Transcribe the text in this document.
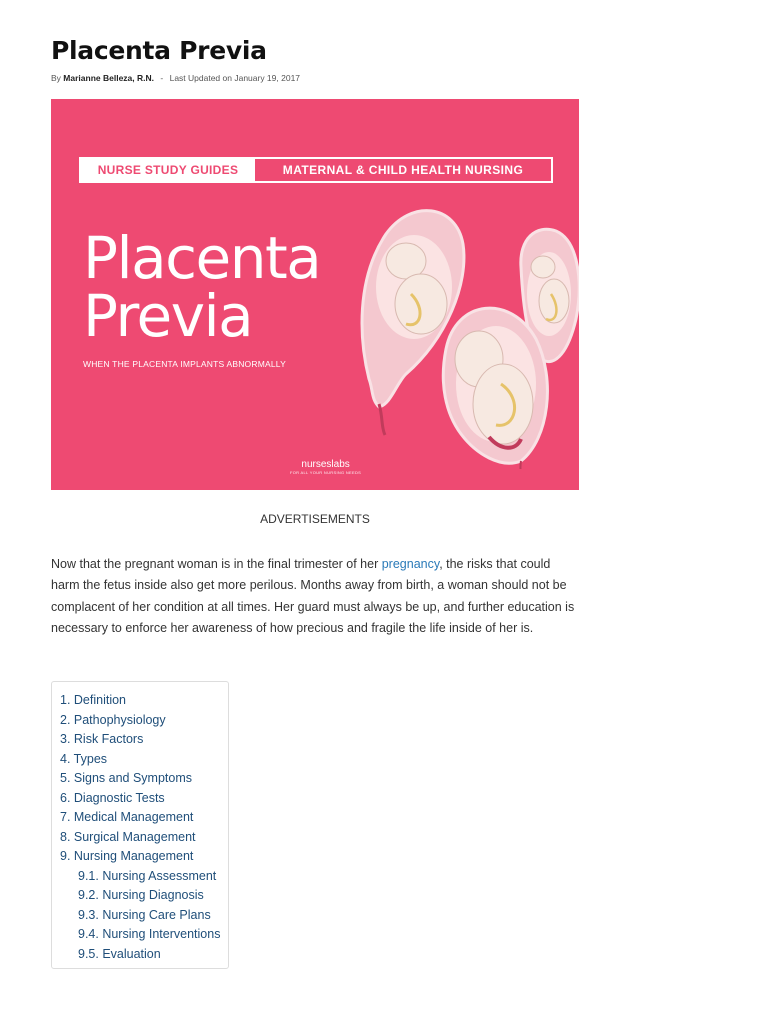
Placenta Previa
By Marianne Belleza, R.N. - Last Updated on January 19, 2017
NURSE STUDY GUIDES	MATERNAL & CHILD HEALTH NURSING
Placenta
Previa
WHEN THE PLACENTA IMPLANTS ABNORMALLY
nurseslabs
FOR ALL YOUR NURSING NEEDS
ADVERTISEMENTS

Now that the pregnant woman is in the final trimester of her pregnancy, the risks that could harm the fetus inside also get more perilous. Months away from birth, a woman should not be complacent of her condition at all times. Her guard must always be up, and further education is necessary to enforce her awareness of how precious and fragile the life inside of her is.

1. Definition
2. Pathophysiology
3. Risk Factors
4. Types
5. Signs and Symptoms
6. Diagnostic Tests
7. Medical Management
8. Surgical Management
9. Nursing Management
9.1. Nursing Assessment
9.2. Nursing Diagnosis
9.3. Nursing Care Plans
9.4. Nursing Interventions
9.5. Evaluation
